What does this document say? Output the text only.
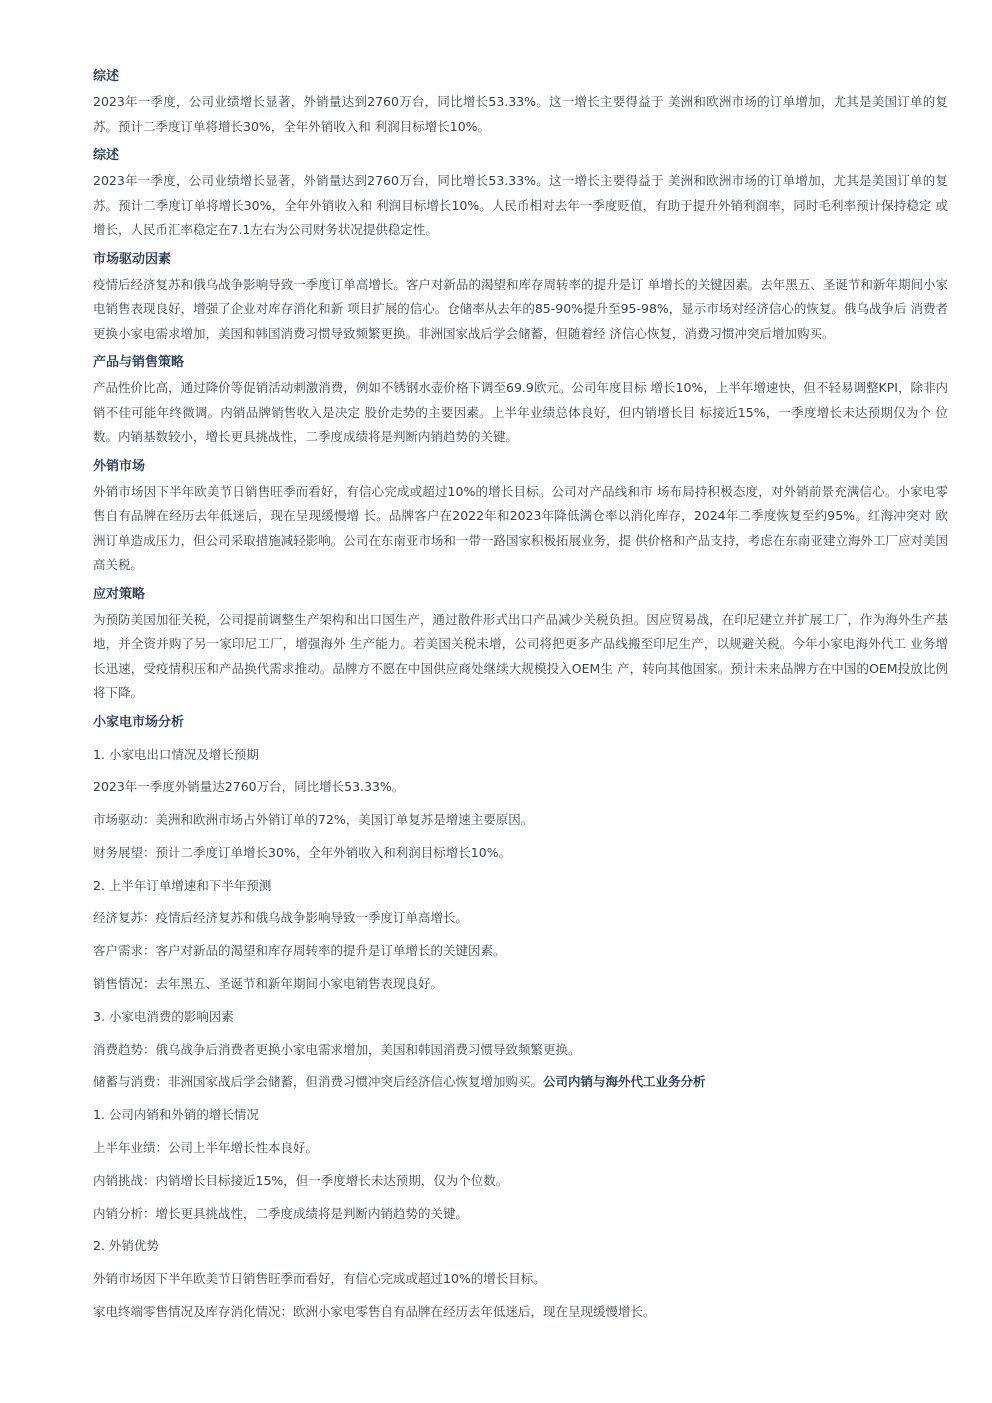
综述
2023年一季度，公司业绩增长显著，外销量达到2760万台，同比增长53.33%。这一增长主要得益于 美洲和欧洲市场的订单增加，尤其是美国订单的复苏。预计二季度订单将增长30%，全年外销收入和 利润目标增长10%。
综述
2023年一季度，公司业绩增长显著，外销量达到2760万台，同比增长53.33%。这一增长主要得益于 美洲和欧洲市场的订单增加，尤其是美国订单的复苏。预计二季度订单将增长30%，全年外销收入和 利润目标增长10%。人民币相对去年一季度贬值，有助于提升外销利润率，同时毛利率预计保持稳定 或增长，人民币汇率稳定在7.1左右为公司财务状况提供稳定性。
市场驱动因素
疫情后经济复苏和俄乌战争影响导致一季度订单高增长。客户对新品的渴望和库存周转率的提升是订 单增长的关键因素。去年黑五、圣诞节和新年期间小家电销售表现良好，增强了企业对库存消化和新 项目扩展的信心。仓储率从去年的85-90%提升至95-98%，显示市场对经济信心的恢复。俄乌战争后 消费者更换小家电需求增加，美国和韩国消费习惯导致频繁更换。非洲国家战后学会储蓄，但随着经 济信心恢复，消费习惯冲突后增加购买。
产品与销售策略
产品性价比高，通过降价等促销活动刺激消费，例如不锈钢水壶价格下调至69.9欧元。公司年度目标 增长10%，上半年增速快，但不轻易调整KPI，除非内销不佳可能年终微调。内销品牌销售收入是决定 股价走势的主要因素。上半年业绩总体良好，但内销增长目 标接近15%，一季度增长未达预期仅为个 位数。内销基数较小，增长更具挑战性，二季度成绩将是判断内销趋势的关键。
外销市场
外销市场因下半年欧美节日销售旺季而看好，有信心完成或超过10%的增长目标。公司对产品线和市 场布局持积极态度，对外销前景充满信心。小家电零售自有品牌在经历去年低迷后，现在呈现缓慢增 长。品牌客户在2022年和2023年降低满仓率以消化库存，2024年二季度恢复至约95%。红海冲突对 欧洲订单造成压力，但公司采取措施减轻影响。公司在东南亚市场和一带一路国家积极拓展业务，提 供价格和产品支持，考虑在东南亚建立海外工厂应对美国高关税。
应对策略
为预防美国加征关税，公司提前调整生产架构和出口国生产，通过散件形式出口产品减少关税负担。因应贸易战，在印尼建立并扩展工厂，作为海外生产基地，并全资并购了另一家印尼工厂，增强海外 生产能力。若美国关税未增，公司将把更多产品线搬至印尼生产，以规避关税。今年小家电海外代工 业务增长迅速，受疫情积压和产品换代需求推动。品牌方不愿在中国供应商处继续大规模投入OEM生 产，转向其他国家。预计未来品牌方在中国的OEM投放比例将下降。
小家电市场分析
1. 小家电出口情况及增长预期
2023年一季度外销量达2760万台，同比增长53.33%。
市场驱动：美洲和欧洲市场占外销订单的72%，美国订单复苏是增速主要原因。
财务展望：预计二季度订单增长30%，全年外销收入和利润目标增长10%。
2. 上半年订单增速和下半年预测
经济复苏：疫情后经济复苏和俄乌战争影响导致一季度订单高增长。
客户需求：客户对新品的渴望和库存周转率的提升是订单增长的关键因素。
销售情况：去年黑五、圣诞节和新年期间小家电销售表现良好。
3. 小家电消费的影响因素
消费趋势：俄乌战争后消费者更换小家电需求增加，美国和韩国消费习惯导致频繁更换。
储蓄与消费：非洲国家战后学会储蓄，但消费习惯冲突后经济信心恢复增加购买。公司内销与海外代工业务分析
1. 公司内销和外销的增长情况
上半年业绩：公司上半年增长性本良好。
内销挑战：内销增长目标接近15%，但一季度增长未达预期，仅为个位数。
内销分析：增长更具挑战性，二季度成绩将是判断内销趋势的关键。
2. 外销优势
外销市场因下半年欧美节日销售旺季而看好，有信心完成或超过10%的增长目标。
家电终端零售情况及库存消化情况：欧洲小家电零售自有品牌在经历去年低迷后，现在呈现缓慢增长。
